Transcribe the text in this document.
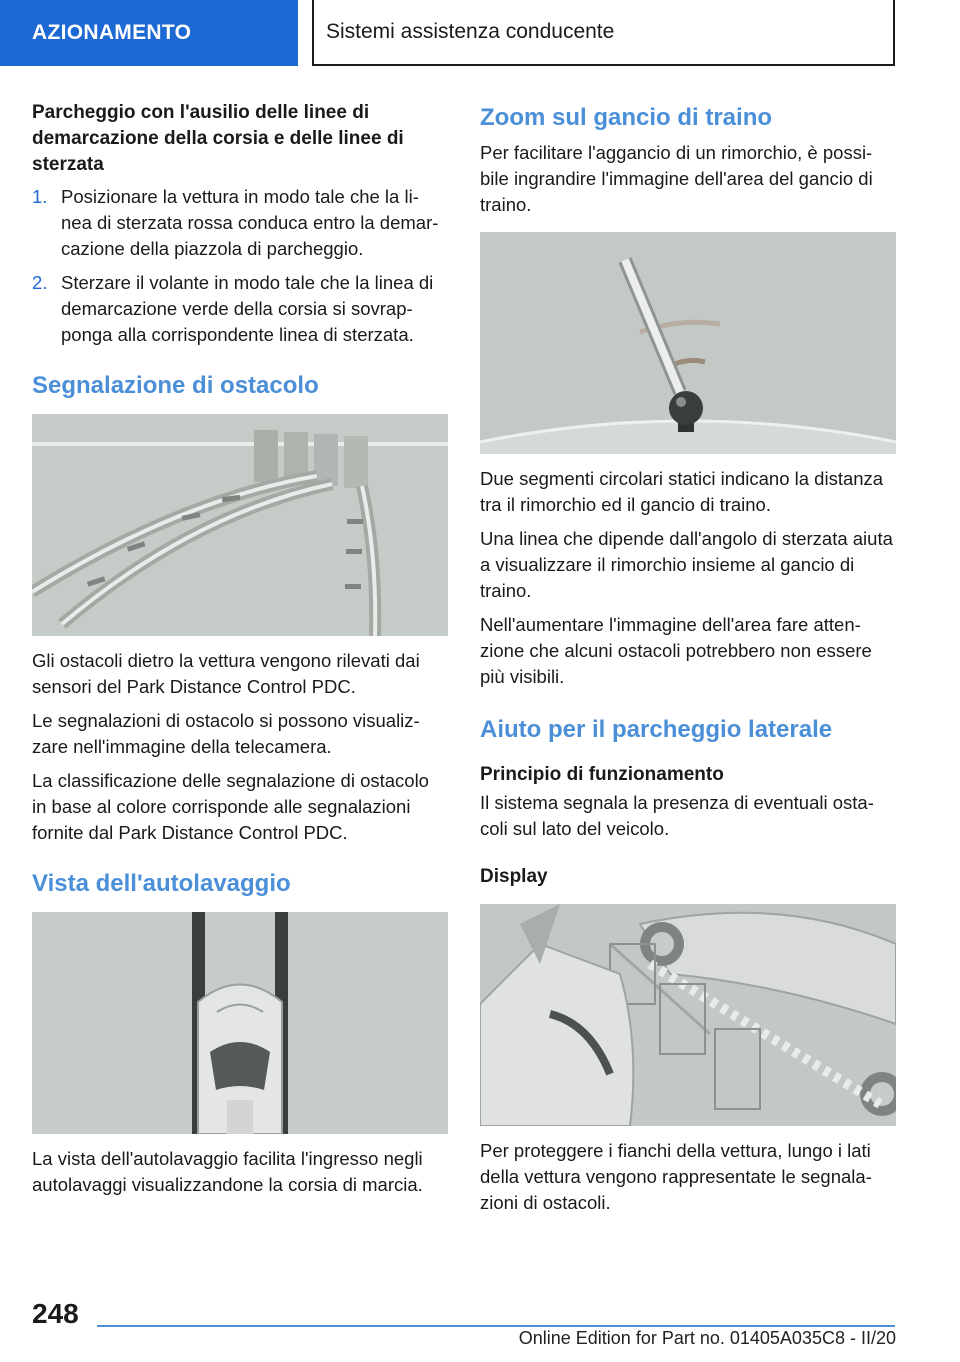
AZIONAMENTO	Sistemi assistenza conducente
Parcheggio con l'ausilio delle linee di demarcazione della corsia e delle linee di sterzata
1. Posizionare la vettura in modo tale che la li‐ nea di sterzata rossa conduca entro la demar‐ cazione della piazzola di parcheggio.
2. Sterzare il volante in modo tale che la linea di demarcazione verde della corsia si sovrap‐ ponga alla corrispondente linea di sterzata.
Segnalazione di ostacolo

Gli ostacoli dietro la vettura vengono rilevati dai sensori del Park Distance Control PDC.

Le segnalazioni di ostacolo si possono visualiz‐ zare nell'immagine della telecamera.

La classificazione delle segnalazione di ostacolo in base al colore corrisponde alle segnalazioni fornite dal Park Distance Control PDC.

Vista dell'autolavaggio

La vista dell'autolavaggio facilita l'ingresso negli autolavaggi visualizzandone la corsia di marcia.

Zoom sul gancio di traino

Per facilitare l'aggancio di un rimorchio, è possi‐ bile ingrandire l'immagine dell'area del gancio di traino.

Due segmenti circolari statici indicano la distanza tra il rimorchio ed il gancio di traino.

Una linea che dipende dall'angolo di sterzata aiuta a visualizzare il rimorchio insieme al gancio di traino.

Nell'aumentare l'immagine dell'area fare atten‐ zione che alcuni ostacoli potrebbero non essere più visibili.

Aiuto per il parcheggio laterale
Principio di funzionamento

Il sistema segnala la presenza di eventuali osta‐ coli sul lato del veicolo.

Display

Per proteggere i fianchi della vettura, lungo i lati della vettura vengono rappresentate le segnala‐ zioni di ostacoli.

248
Online Edition for Part no. 01405A035C8 - II/20
